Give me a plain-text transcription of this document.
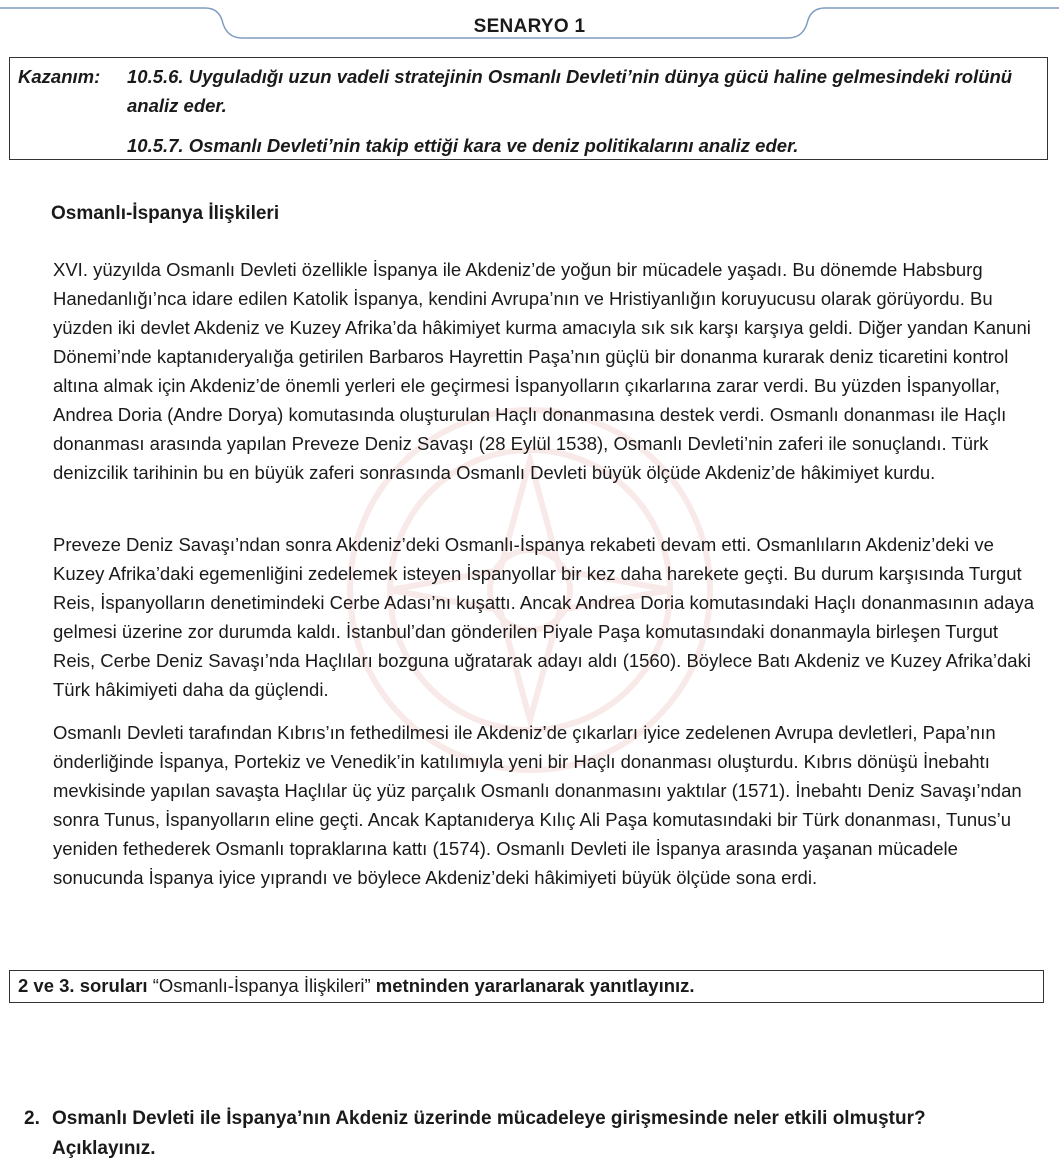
SENARYO 1
Kazanım: 10.5.6. Uyguladığı uzun vadeli stratejinin Osmanlı Devleti’nin dünya gücü haline gelmesindeki rolünü analiz eder.
10.5.7. Osmanlı Devleti’nin takip ettiği kara ve deniz politikalarını analiz eder.
Osmanlı-İspanya İlişkileri

XVI. yüzyılda Osmanlı Devleti özellikle İspanya ile Akdeniz’de yoğun bir mücadele yaşadı. Bu dönemde Habsburg Hanedanlığı’nca idare edilen Katolik İspanya, kendini Avrupa’nın ve Hristiyanlığın koruyucusu olarak görüyordu. Bu yüzden iki devlet Akdeniz ve Kuzey Afrika’da hâkimiyet kurma amacıyla sık sık karşı karşıya geldi. Diğer yandan Kanuni Dönemi’nde kaptanıderyalığa getirilen Barbaros Hayrettin Paşa’nın güçlü bir donanma kurarak deniz ticaretini kontrol altına almak için Akdeniz’de önemli yerleri ele geçirmesi İspanyolların çıkarlarına zarar verdi. Bu yüzden İspanyollar, Andrea Doria (Andre Dorya) komutasında oluşturulan Haçlı donanmasına destek verdi. Osmanlı donanması ile Haçlı donanması arasında yapılan Preveze Deniz Savaşı (28 Eylül 1538), Osmanlı Devleti’nin zaferi ile sonuçlandı. Türk denizcilik tarihinin bu en büyük zaferi sonrasında Osmanlı Devleti büyük ölçüde Akdeniz’de hâkimiyet kurdu.

Preveze Deniz Savaşı’ndan sonra Akdeniz’deki Osmanlı-İspanya rekabeti devam etti. Osmanlıların Akdeniz’deki ve Kuzey Afrika’daki egemenliğini zedelemek isteyen İspanyollar bir kez daha harekete geçti. Bu durum karşısında Turgut Reis, İspanyolların denetimindeki Cerbe Adası’nı kuşattı. Ancak Andrea Doria komutasındaki Haçlı donanmasının adaya gelmesi üzerine zor durumda kaldı. İstanbul’dan gönderilen Piyale Paşa komutasındaki donanmayla birleşen Turgut Reis, Cerbe Deniz Savaşı’nda Haçlıları bozguna uğratarak adayı aldı (1560). Böylece Batı Akdeniz ve Kuzey Afrika’daki Türk hâkimiyeti daha da güçlendi.

Osmanlı Devleti tarafından Kıbrıs’ın fethedilmesi ile Akdeniz’de çıkarları iyice zedelenen Avrupa devletleri, Papa’nın önderliğinde İspanya, Portekiz ve Venedik’in katılımıyla yeni bir Haçlı donanması oluşturdu. Kıbrıs dönüşü İnebahtı mevkisinde yapılan savaşta Haçlılar üç yüz parçalık Osmanlı donanmasını yaktılar (1571). İnebahtı Deniz Savaşı’ndan sonra Tunus, İspanyolların eline geçti. Ancak Kaptanıderya Kılıç Ali Paşa komutasındaki bir Türk donanması, Tunus’u yeniden fethederek Osmanlı topraklarına kattı (1574). Osmanlı Devleti ile İspanya arasında yaşanan mücadele sonucunda İspanya iyice yıprandı ve böylece Akdeniz’deki hâkimiyeti büyük ölçüde sona erdi.

2 ve 3. soruları “Osmanlı-İspanya İlişkileri” metninden yararlanarak yanıtlayınız.
2. Osmanlı Devleti ile İspanya’nın Akdeniz üzerinde mücadeleye girişmesinde neler etkili olmuştur? Açıklayınız.
